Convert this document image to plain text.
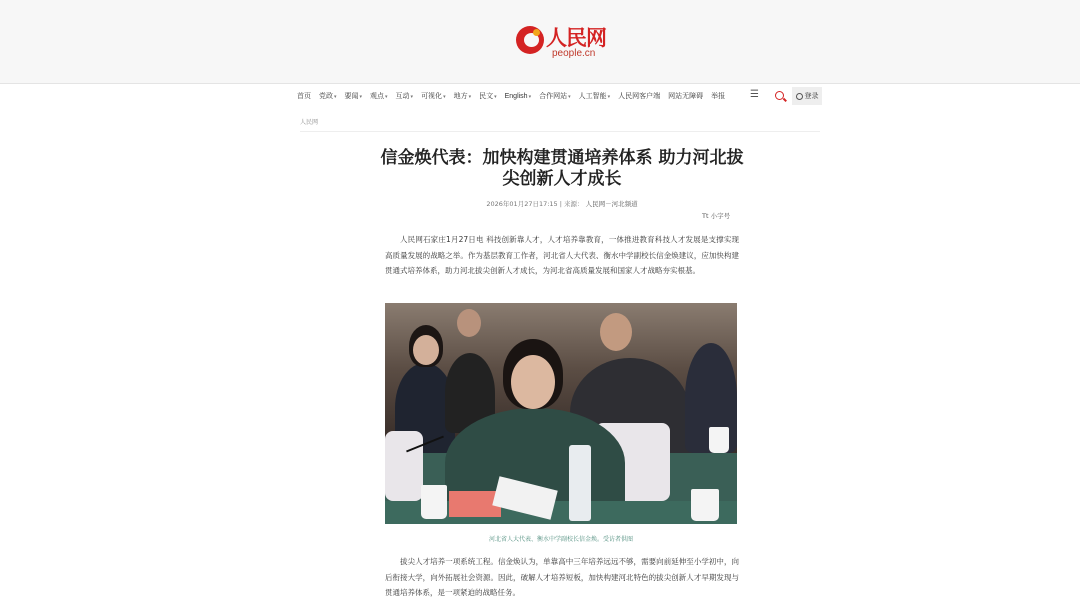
人民网
people.cn
首页 党政▾ 要闻▾ 观点▾ 互动▾ 可视化▾ 地方▾ 民文▾ English▾ 合作网站▾ 人工智能▾ 人民网客户端 网站无障碍 举报 ☰	登录
人民网
信金焕代表：加快构建贯通培养体系 助力河北拔尖创新人才成长
2026年01月27日17:15 | 来源： 人民网－河北频道
Tt 小字号

人民网石家庄1月27日电 科技创新靠人才，人才培养靠教育，一体推进教育科技人才发展是支撑实现高质量发展的战略之举。作为基层教育工作者，河北省人大代表、衡水中学副校长信金焕建议，应加快构建贯通式培养体系，助力河北拔尖创新人才成长，为河北省高质量发展和国家人才战略夯实根基。

河北省人大代表、衡水中学副校长信金焕。受访者供图

拔尖人才培养一项系统工程。信金焕认为，单靠高中三年培养远远不够，需要向前延伸至小学初中，向后衔接大学，向外拓展社会资源。因此，破解人才培养短板，加快构建河北特色的拔尖创新人才早期发现与贯通培养体系，是一项紧迫的战略任务。
